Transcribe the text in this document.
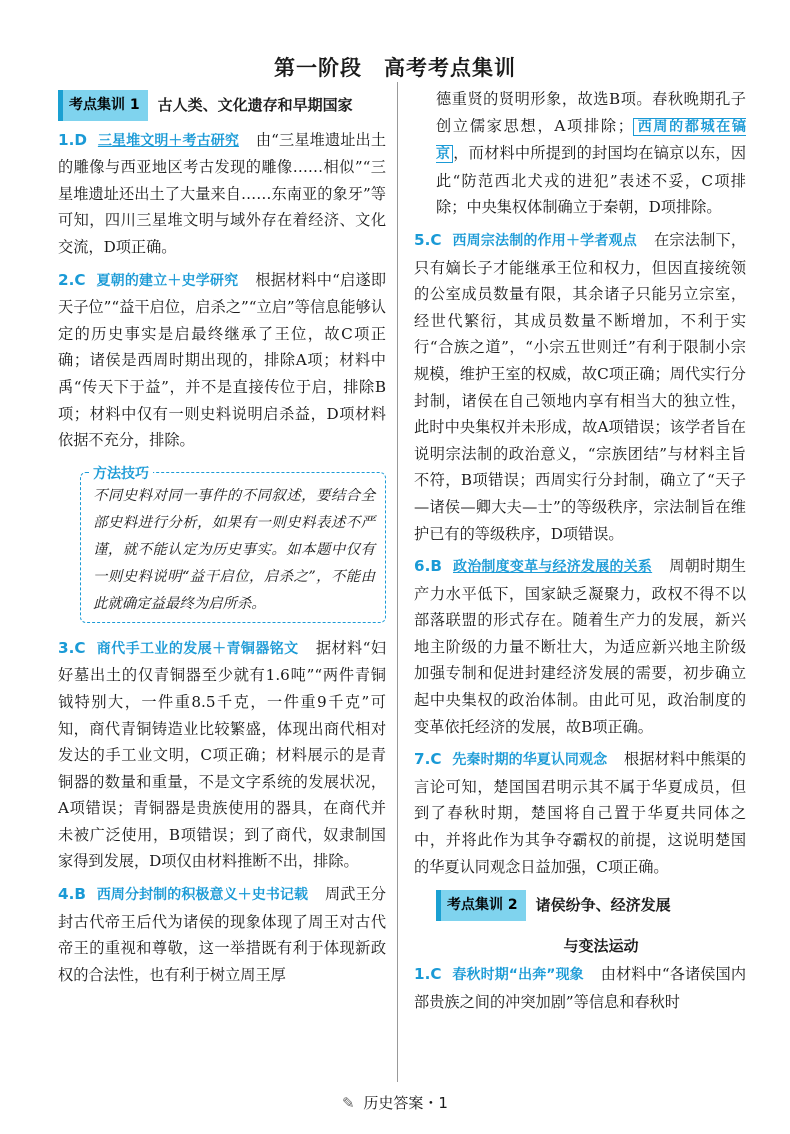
第一阶段　高考考点集训
考点集训 1	古人类、文化遗存和早期国家
1.D 三星堆文明＋考古研究 由“三星堆遗址出土的雕像与西亚地区考古发现的雕像……相似”“三星堆遗址还出土了大量来自……东南亚的象牙”等可知，四川三星堆文明与域外存在着经济、文化交流，D项正确。
2.C 夏朝的建立＋史学研究 根据材料中“启遂即天子位”“益干启位，启杀之”“立启”等信息能够认定的历史事实是启最终继承了王位，故C项正确；诸侯是西周时期出现的，排除A项；材料中禹“传天下于益”，并不是直接传位于启，排除B项；材料中仅有一则史料说明启杀益，D项材料依据不充分，排除。
方法技巧
不同史料对同一事件的不同叙述，要结合全部史料进行分析，如果有一则史料表述不严谨，就不能认定为历史事实。如本题中仅有一则史料说明“益干启位，启杀之”，不能由此就确定益最终为启所杀。
3.C 商代手工业的发展＋青铜器铭文 据材料“妇好墓出土的仅青铜器至少就有1.6吨”“两件青铜钺特别大，一件重8.5千克，一件重9千克”可知，商代青铜铸造业比较繁盛，体现出商代相对发达的手工业文明，C项正确；材料展示的是青铜器的数量和重量，不是文字系统的发展状况，A项错误；青铜器是贵族使用的器具，在商代并未被广泛使用，B项错误；到了商代，奴隶制国家得到发展，D项仅由材料推断不出，排除。
4.B 西周分封制的积极意义＋史书记载 周武王分封古代帝王后代为诸侯的现象体现了周王对古代帝王的重视和尊敬，这一举措既有利于体现新政权的合法性，也有利于树立周王厚
德重贤的贤明形象，故选B项。春秋晚期孔子创立儒家思想，A项排除； 西周的都城在镐京 ，而材料中所提到的封国均在镐京以东，因此“防范西北犬戎的进犯”表述不妥，C项排除；中央集权体制确立于秦朝，D项排除。
5.C 西周宗法制的作用＋学者观点 在宗法制下，只有嫡长子才能继承王位和权力，但因直接统领的公室成员数量有限，其余诸子只能另立宗室，经世代繁衍，其成员数量不断增加，不利于实行“合族之道”，“小宗五世则迁”有利于限制小宗规模，维护王室的权威，故C项正确；周代实行分封制，诸侯在自己领地内享有相当大的独立性，此时中央集权并未形成，故A项错误；该学者旨在说明宗法制的政治意义，“宗族团结”与材料主旨不符，B项错误；西周实行分封制，确立了“天子—诸侯—卿大夫—士”的等级秩序，宗法制旨在维护已有的等级秩序，D项错误。
6.B 政治制度变革与经济发展的关系 周朝时期生产力水平低下，国家缺乏凝聚力，政权不得不以部落联盟的形式存在。随着生产力的发展，新兴地主阶级的力量不断壮大，为适应新兴地主阶级加强专制和促进封建经济发展的需要，初步确立起中央集权的政治体制。由此可见，政治制度的变革依托经济的发展，故B项正确。
7.C 先秦时期的华夏认同观念 根据材料中熊渠的言论可知，楚国国君明示其不属于华夏成员，但到了春秋时期，楚国将自己置于华夏共同体之中，并将此作为其争夺霸权的前提，这说明楚国的华夏认同观念日益加强，C项正确。
考点集训 2	诸侯纷争、经济发展
与变法运动
1.C 春秋时期“出奔”现象 由材料中“各诸侯国内部贵族之间的冲突加剧”等信息和春秋时
✎ 历史答案・1
